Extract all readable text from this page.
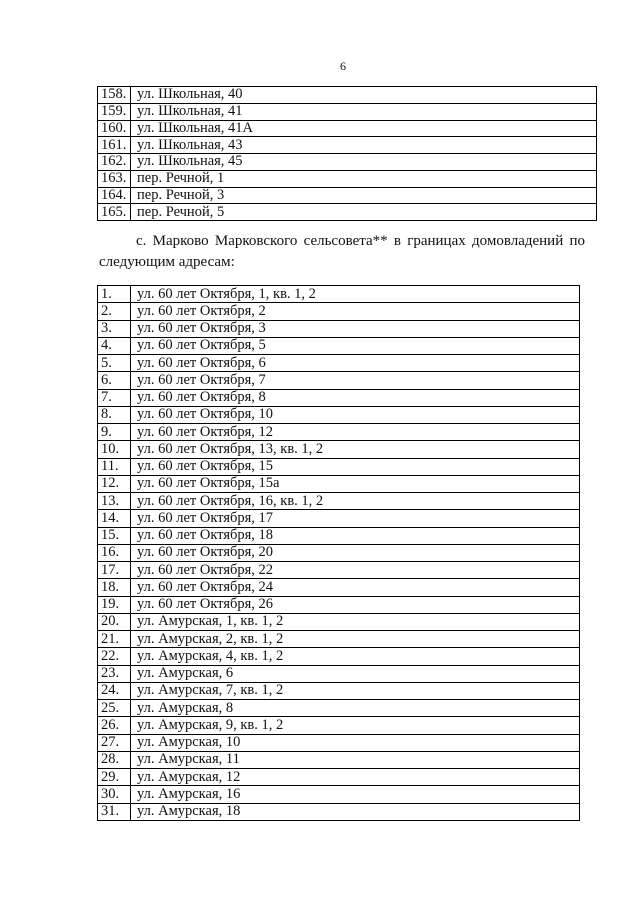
6
158. ул. Школьная, 40
159. ул. Школьная, 41
160. ул. Школьная, 41А
161. ул. Школьная, 43
162. ул. Школьная, 45
163. пер. Речной, 1
164. пер. Речной, 3
165. пер. Речной, 5
с. Марково Марковского сельсовета** в границах домовладений по
следующим адресам:
1.	ул. 60 лет Октября, 1, кв. 1, 2
2.	ул. 60 лет Октября, 2
3.	ул. 60 лет Октября, 3
4.	ул. 60 лет Октября, 5
5.	ул. 60 лет Октября, 6
6.	ул. 60 лет Октября, 7
7.	ул. 60 лет Октября, 8
8.	ул. 60 лет Октября, 10
9.	ул. 60 лет Октября, 12
10.	ул. 60 лет Октября, 13, кв. 1, 2
11.	ул. 60 лет Октября, 15
12.	ул. 60 лет Октября, 15а
13.	ул. 60 лет Октября, 16, кв. 1, 2
14.	ул. 60 лет Октября, 17
15.	ул. 60 лет Октября, 18
16.	ул. 60 лет Октября, 20
17.	ул. 60 лет Октября, 22
18.	ул. 60 лет Октября, 24
19.	ул. 60 лет Октября, 26
20.	ул. Амурская, 1, кв. 1, 2
21.	ул. Амурская, 2, кв. 1, 2
22.	ул. Амурская, 4, кв. 1, 2
23.	ул. Амурская, 6
24.	ул. Амурская, 7, кв. 1, 2
25.	ул. Амурская, 8
26.	ул. Амурская, 9, кв. 1, 2
27.	ул. Амурская, 10
28.	ул. Амурская, 11
29.	ул. Амурская, 12
30.	ул. Амурская, 16
31.	ул. Амурская, 18
